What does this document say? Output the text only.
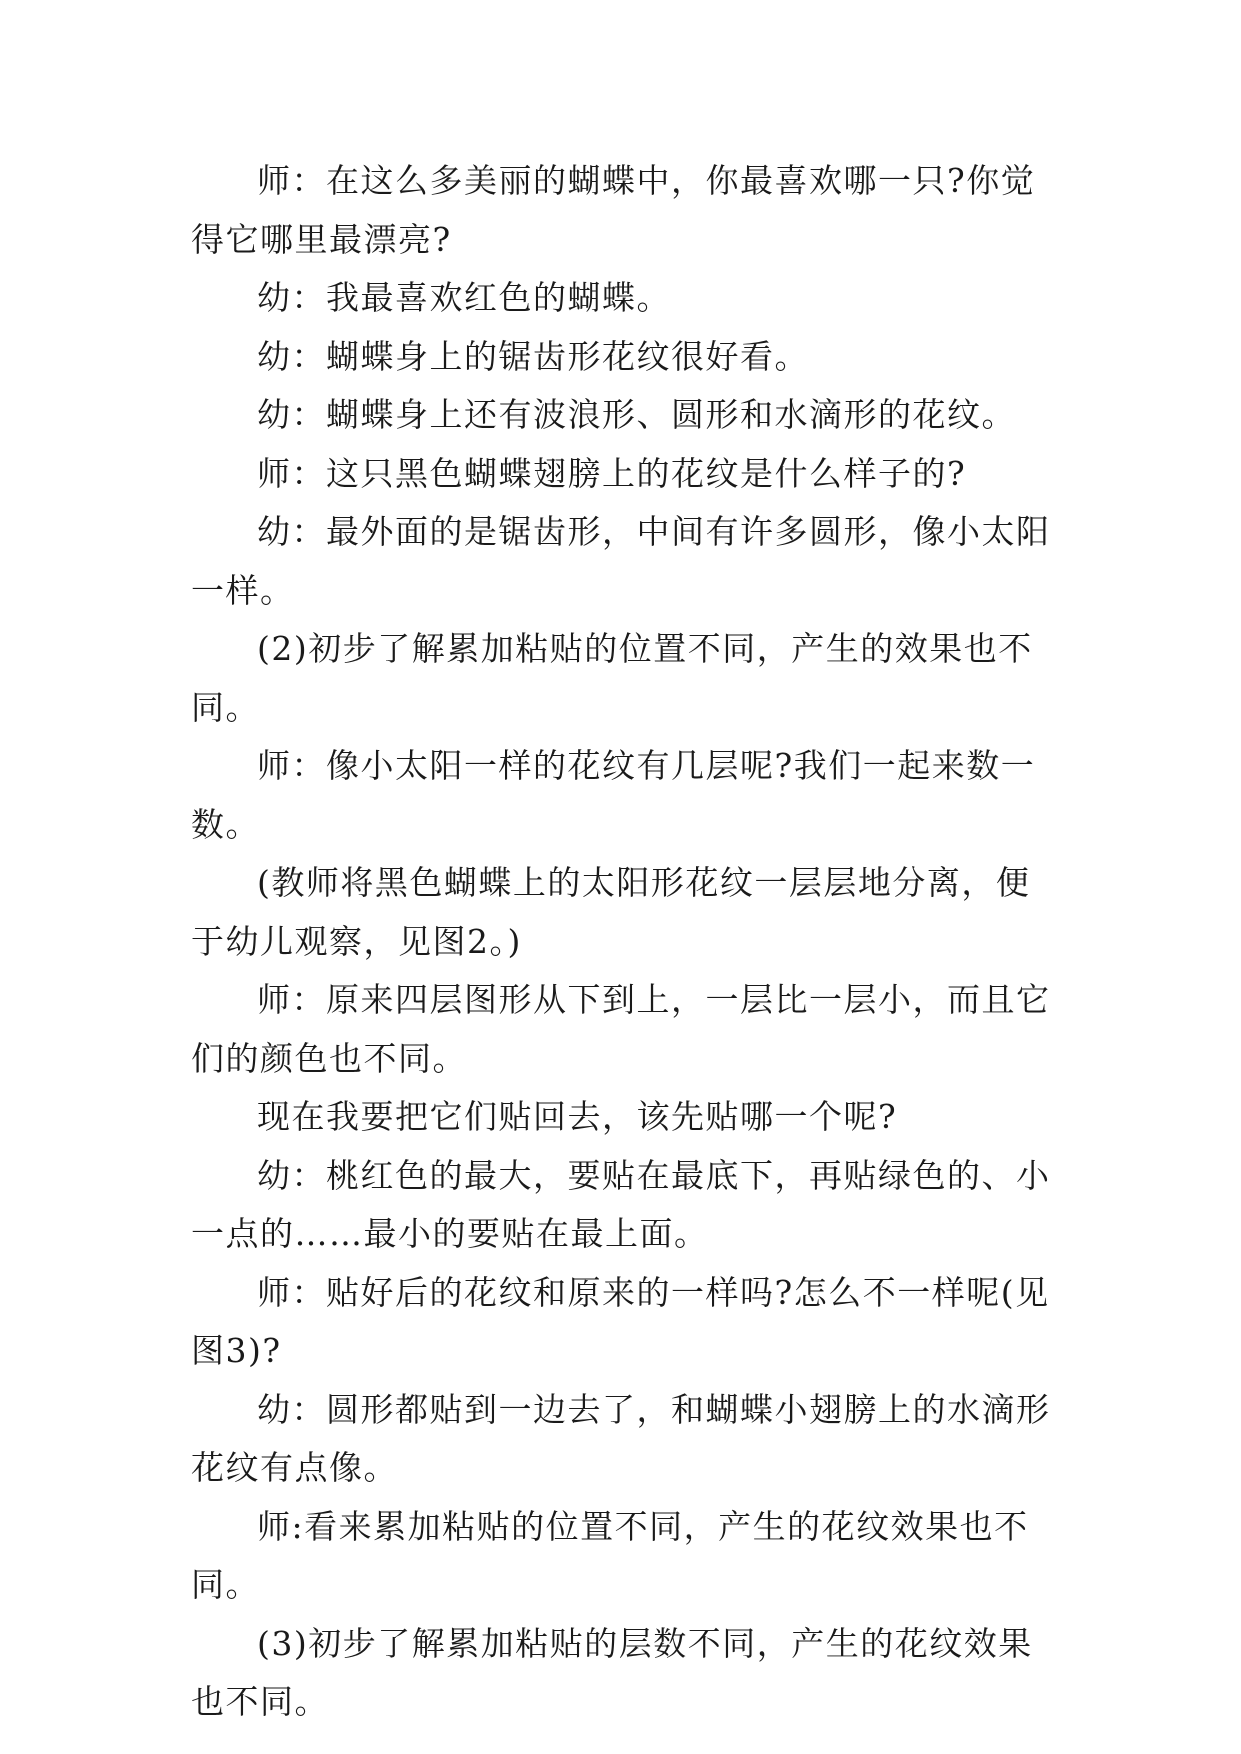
师：在这么多美丽的蝴蝶中，你最喜欢哪一只?你觉得它哪里最漂亮?

幼：我最喜欢红色的蝴蝶。

幼：蝴蝶身上的锯齿形花纹很好看。

幼：蝴蝶身上还有波浪形、圆形和水滴形的花纹。

师：这只黑色蝴蝶翅膀上的花纹是什么样子的?

幼：最外面的是锯齿形，中间有许多圆形，像小太阳一样。

(2)初步了解累加粘贴的位置不同，产生的效果也不同。

师：像小太阳一样的花纹有几层呢?我们一起来数一数。

(教师将黑色蝴蝶上的太阳形花纹一层层地分离，便于幼儿观察，见图2。)

师：原来四层图形从下到上，一层比一层小，而且它们的颜色也不同。

现在我要把它们贴回去，该先贴哪一个呢?

幼：桃红色的最大，要贴在最底下，再贴绿色的、小一点的……最小的要贴在最上面。

师：贴好后的花纹和原来的一样吗?怎么不一样呢(见图3)?

幼：圆形都贴到一边去了，和蝴蝶小翅膀上的水滴形花纹有点像。

师:看来累加粘贴的位置不同，产生的花纹效果也不同。

(3)初步了解累加粘贴的层数不同，产生的花纹效果也不同。
